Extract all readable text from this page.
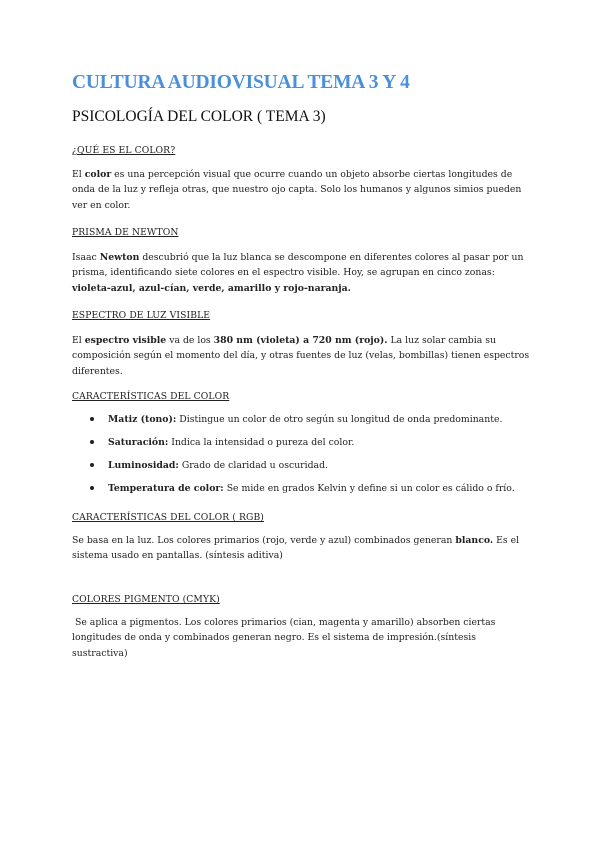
CULTURA AUDIOVISUAL TEMA 3 Y 4
PSICOLOGÍA DEL COLOR ( TEMA 3)
¿QUÉ ES EL COLOR?
El color es una percepción visual que ocurre cuando un objeto absorbe ciertas longitudes de onda de la luz y refleja otras, que nuestro ojo capta. Solo los humanos y algunos simios pueden ver en color.
PRISMA DE NEWTON
Isaac Newton descubrió que la luz blanca se descompone en diferentes colores al pasar por un prisma, identificando siete colores en el espectro visible. Hoy, se agrupan en cinco zonas: violeta-azul, azul-cían, verde, amarillo y rojo-naranja.
ESPECTRO DE LUZ VISIBLE
El espectro visible va de los 380 nm (violeta) a 720 nm (rojo). La luz solar cambia su composición según el momento del día, y otras fuentes de luz (velas, bombillas) tienen espectros diferentes.
CARACTERÍSTICAS DEL COLOR
Matiz (tono): Distingue un color de otro según su longitud de onda predominante.
Saturación: Indica la intensidad o pureza del color.
Luminosidad: Grado de claridad u oscuridad.
Temperatura de color: Se mide en grados Kelvin y define si un color es cálido o frío.
CARACTERÍSTICAS DEL COLOR ( RGB)
Se basa en la luz. Los colores primarios (rojo, verde y azul) combinados generan blanco. Es el sistema usado en pantallas. (síntesis aditiva)
COLORES PIGMENTO (CMYK)
Se aplica a pigmentos. Los colores primarios (cian, magenta y amarillo) absorben ciertas longitudes de onda y combinados generan negro. Es el sistema de impresión.(síntesis sustractiva)
